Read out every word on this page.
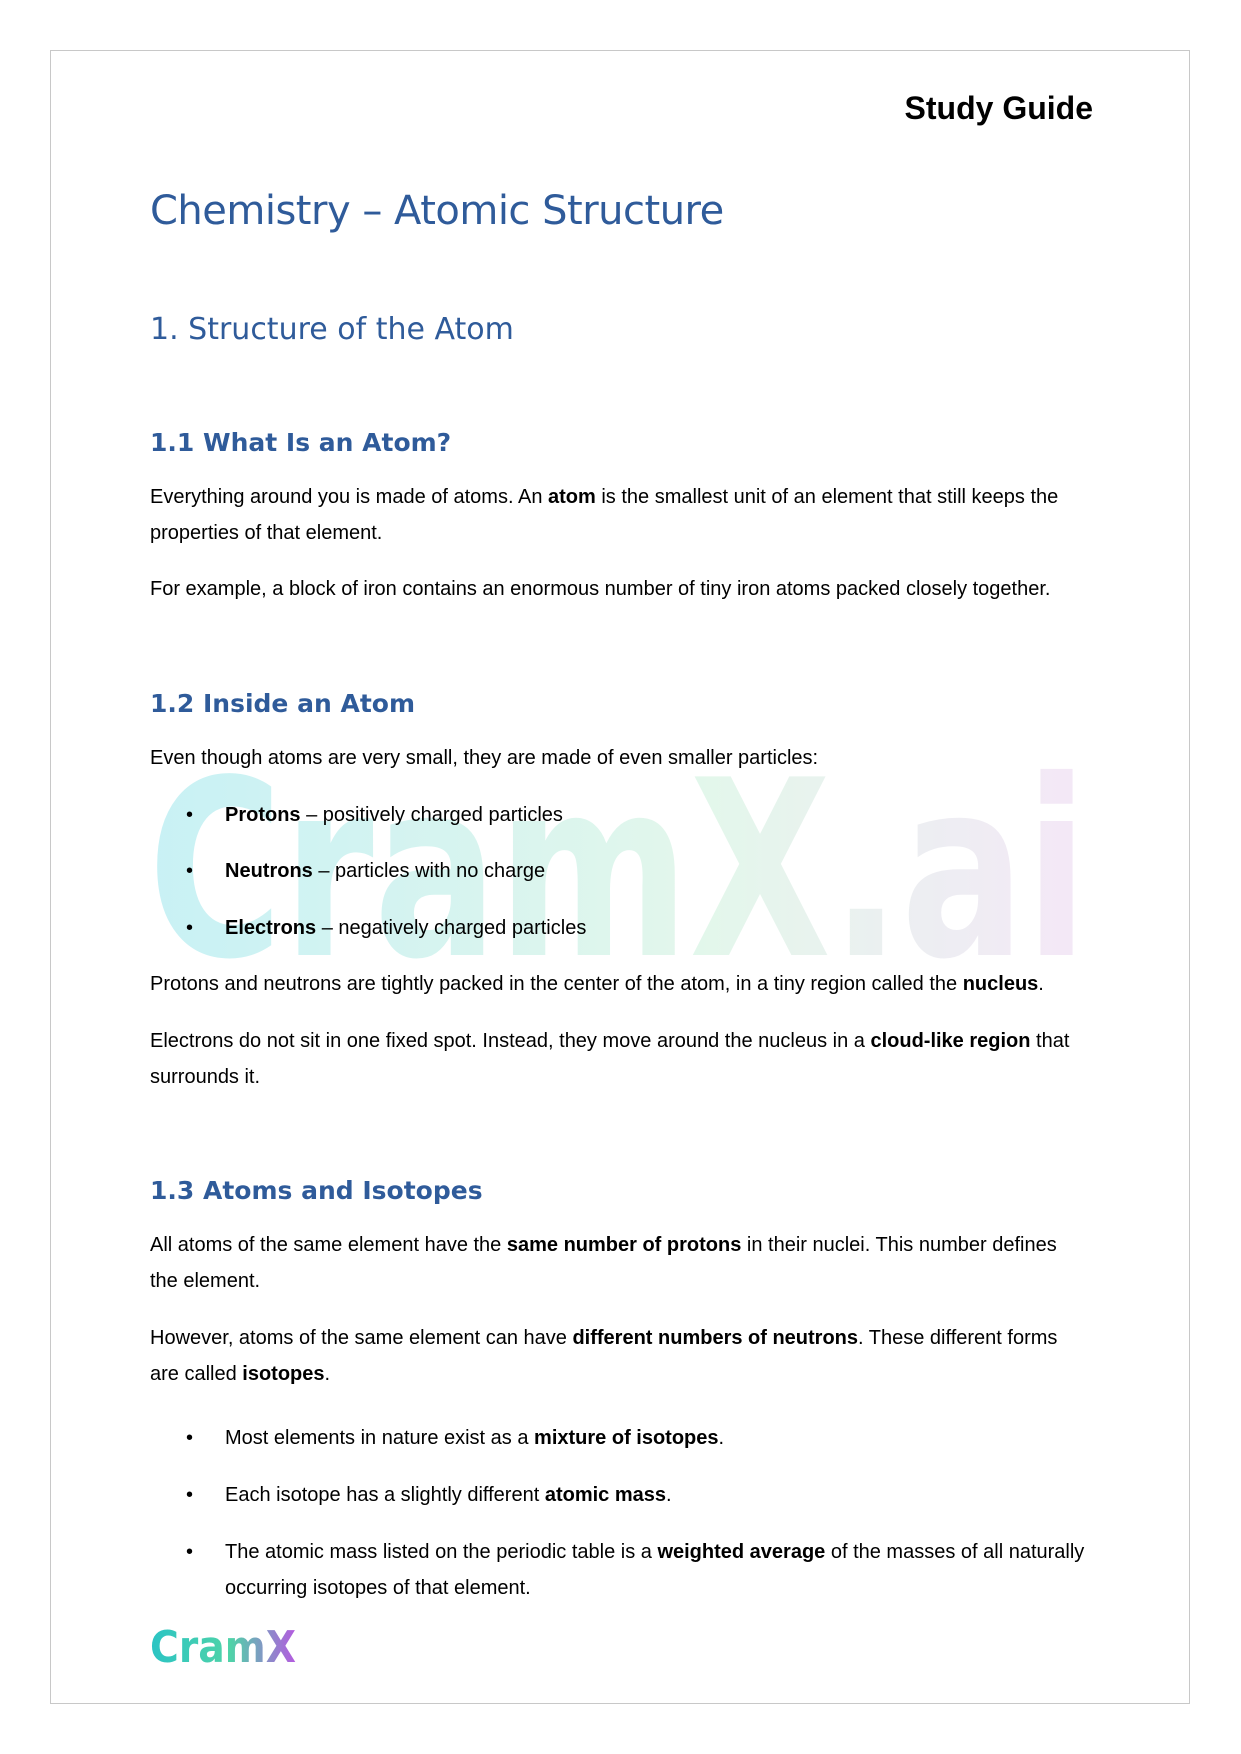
CramX.ai
Study Guide
Chemistry – Atomic Structure
1. Structure of the Atom
1.1 What Is an Atom?

Everything around you is made of atoms. An atom is the smallest unit of an element that still keeps the properties of that element.

For example, a block of iron contains an enormous number of tiny iron atoms packed closely together.

1.2 Inside an Atom

Even though atoms are very small, they are made of even smaller particles:

• Protons – positively charged particles
• Neutrons – particles with no charge
• Electrons – negatively charged particles

Protons and neutrons are tightly packed in the center of the atom, in a tiny region called the nucleus.

Electrons do not sit in one fixed spot. Instead, they move around the nucleus in a cloud-like region that surrounds it.

1.3 Atoms and Isotopes

All atoms of the same element have the same number of protons in their nuclei. This number defines the element.

However, atoms of the same element can have different numbers of neutrons. These different forms are called isotopes.

• Most elements in nature exist as a mixture of isotopes.
• Each isotope has a slightly different atomic mass.
• The atomic mass listed on the periodic table is a weighted average of the masses of all naturally occurring isotopes of that element.
CramX
